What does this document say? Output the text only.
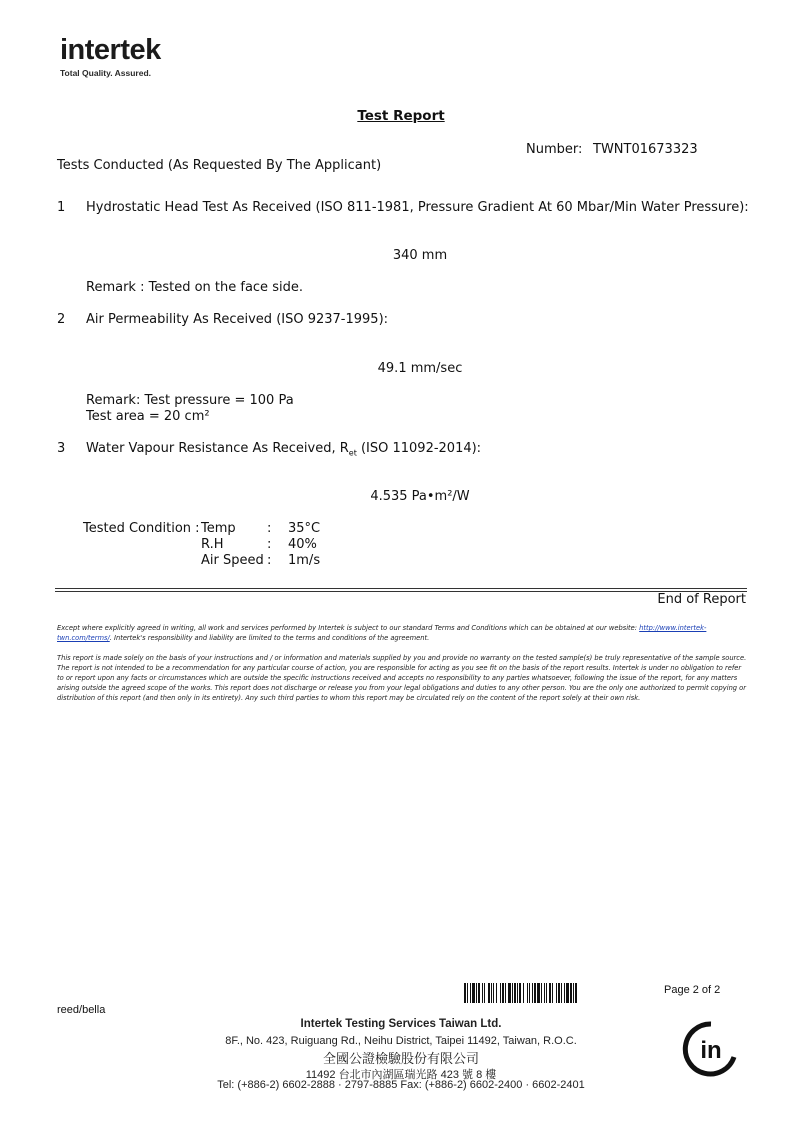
intertek
Total Quality. Assured.
Test Report
Number: TWNT01673323
Tests Conducted (As Requested By The Applicant)
1 Hydrostatic Head Test As Received (ISO 811-1981, Pressure Gradient At 60 Mbar/Min Water Pressure):
340 mm
Remark : Tested on the face side.
2 Air Permeability As Received (ISO 9237-1995):
49.1 mm/sec
Remark: Test pressure = 100 Pa
Test area = 20 cm²
3 Water Vapour Resistance As Received, $R_{et}$ (ISO 11092-2014):
4.535 Pa•m²/W
Tested Condition : Temp	:	35°C
R.H	:	40%
Air Speed	:	1m/s
End of Report
Except where explicitly agreed in writing, all work and services performed by Intertek is subject to our standard Terms and Conditions which can be obtained at our website: http://www.intertek-twn.com/terms/. Intertek's responsibility and liability are limited to the terms and conditions of the agreement.
This report is made solely on the basis of your instructions and / or information and materials supplied by you and provide no warranty on the tested sample(s) be truly representative of the sample source. The report is not intended to be a recommendation for any particular course of action, you are responsible for acting as you see fit on the basis of the report results. Intertek is under no obligation to refer to or report upon any facts or circumstances which are outside the specific instructions received and accepts no responsibility to any parties whatsoever, following the issue of the report, for any matters arising outside the agreed scope of the works. This report does not discharge or release you from your legal obligations and duties to any other person. You are the only one authorized to permit copying or distribution of this report (and then only in its entirety). Any such third parties to whom this report may be circulated rely on the content of the report solely at their own risk.
Page 2 of 2
reed/bella
Intertek Testing Services Taiwan Ltd.
8F., No. 423, Ruiguang Rd., Neihu District, Taipei 11492, Taiwan, R.O.C.
全國公證檢驗股份有限公司
11492 台北市內湖區瑞光路 423 號 8 樓
Tel: (+886-2) 6602-2888 · 2797-8885 Fax: (+886-2) 6602-2400 · 6602-2401
in
